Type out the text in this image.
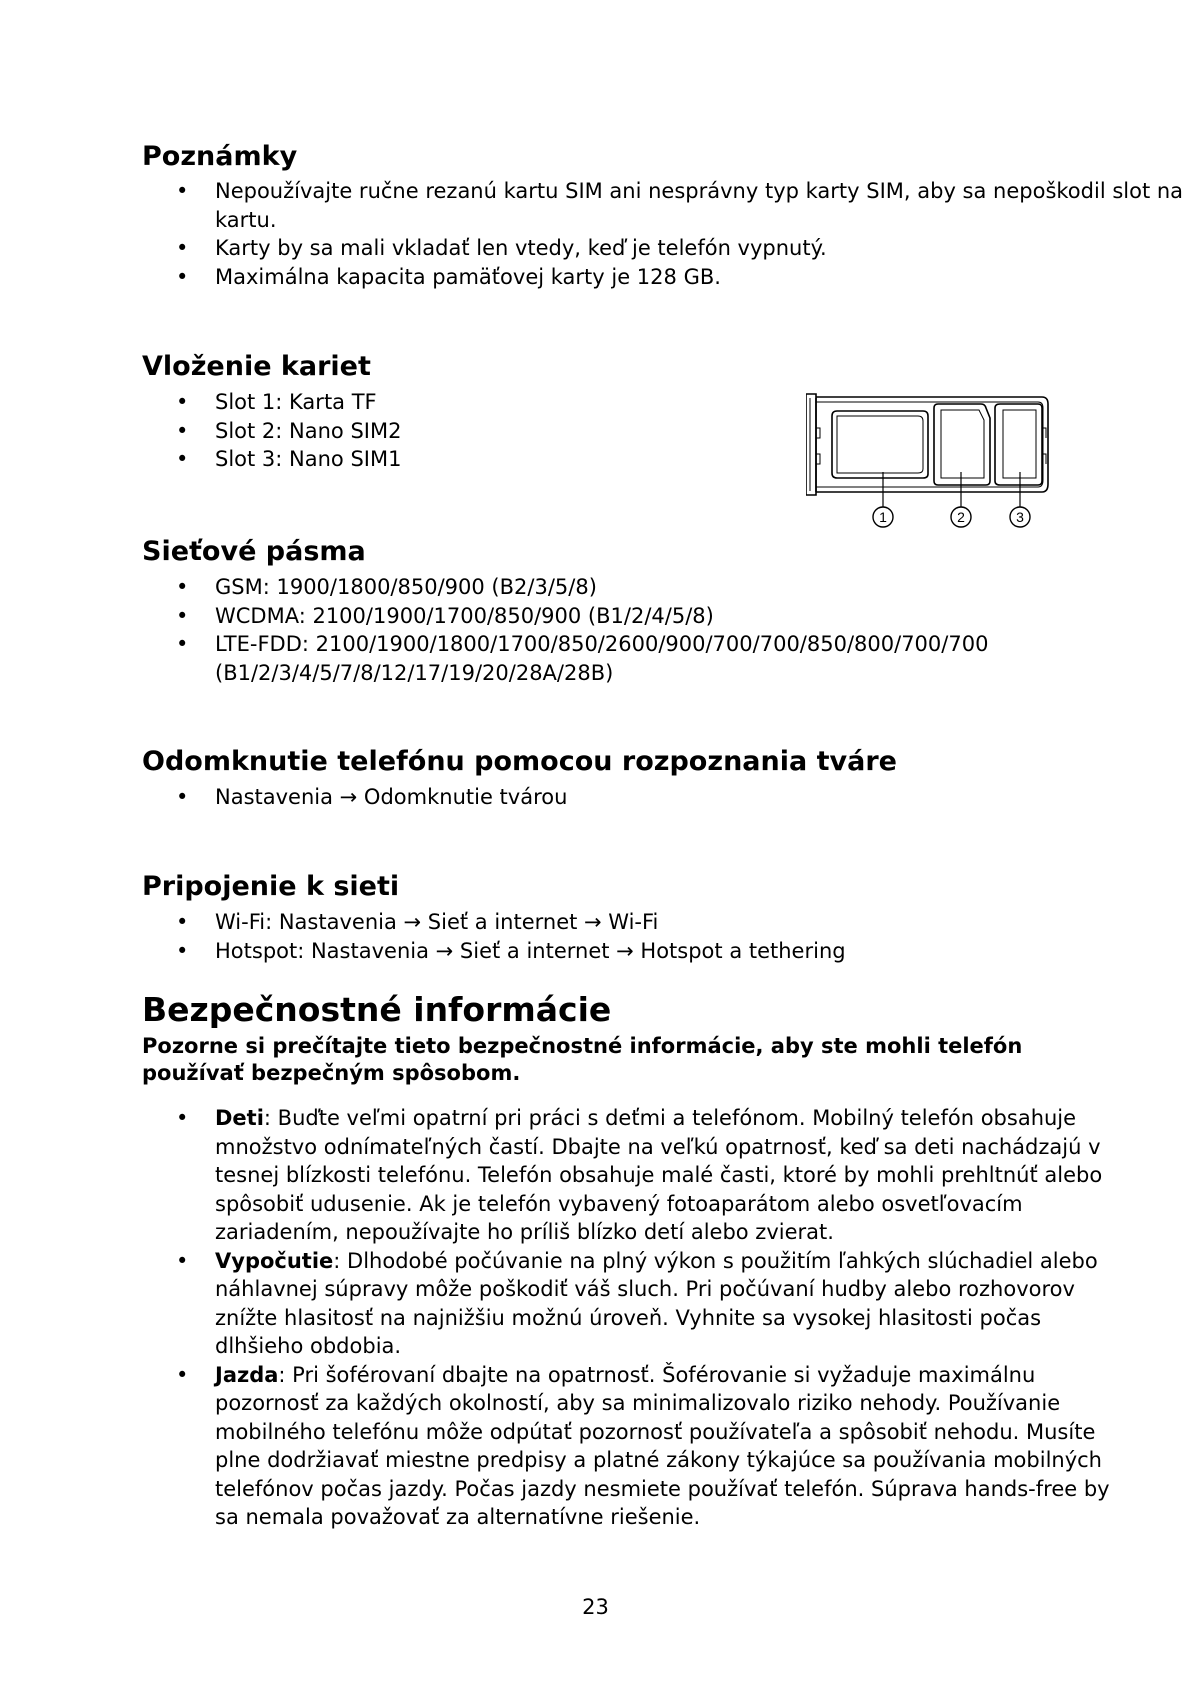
Poznámky
• Nepoužívajte ručne rezanú kartu SIM ani nesprávny typ karty SIM, aby sa nepoškodil slot na kartu.
• Karty by sa mali vkladať len vtedy, keď je telefón vypnutý.
• Maximálna kapacita pamäťovej karty je 128 GB.
Vloženie kariet
• Slot 1: Karta TF
• Slot 2: Nano SIM2
• Slot 3: Nano SIM1
1	2	3
Sieťové pásma
• GSM: 1900/1800/850/900 (B2/3/5/8)
• WCDMA: 2100/1900/1700/850/900 (B1/2/4/5/8)
• LTE-FDD: 2100/1900/1800/1700/850/2600/900/700/700/850/800/700/700 (B1/2/3/4/5/7/8/12/17/19/20/28A/28B)
Odomknutie telefónu pomocou rozpoznania tváre
• Nastavenia → Odomknutie tvárou
Pripojenie k sieti
• Wi-Fi: Nastavenia → Sieť a internet → Wi-Fi
• Hotspot: Nastavenia → Sieť a internet → Hotspot a tethering
Bezpečnostné informácie

Pozorne si prečítajte tieto bezpečnostné informácie, aby ste mohli telefón používať bezpečným spôsobom.

• Deti: Buďte veľmi opatrní pri práci s deťmi a telefónom. Mobilný telefón obsahuje množstvo odnímateľných častí. Dbajte na veľkú opatrnosť, keď sa deti nachádzajú v tesnej blízkosti telefónu. Telefón obsahuje malé časti, ktoré by mohli prehltnúť alebo spôsobiť udusenie. Ak je telefón vybavený fotoaparátom alebo osvetľovacím zariadením, nepoužívajte ho príliš blízko detí alebo zvierat.
• Vypočutie: Dlhodobé počúvanie na plný výkon s použitím ľahkých slúchadiel alebo náhlavnej súpravy môže poškodiť váš sluch. Pri počúvaní hudby alebo rozhovorov znížte hlasitosť na najnižšiu možnú úroveň. Vyhnite sa vysokej hlasitosti počas dlhšieho obdobia.
• Jazda: Pri šoférovaní dbajte na opatrnosť. Šoférovanie si vyžaduje maximálnu pozornosť za každých okolností, aby sa minimalizovalo riziko nehody. Používanie mobilného telefónu môže odpútať pozornosť používateľa a spôsobiť nehodu. Musíte plne dodržiavať miestne predpisy a platné zákony týkajúce sa používania mobilných telefónov počas jazdy. Počas jazdy nesmiete používať telefón. Súprava hands-free by sa nemala považovať za alternatívne riešenie.
23
